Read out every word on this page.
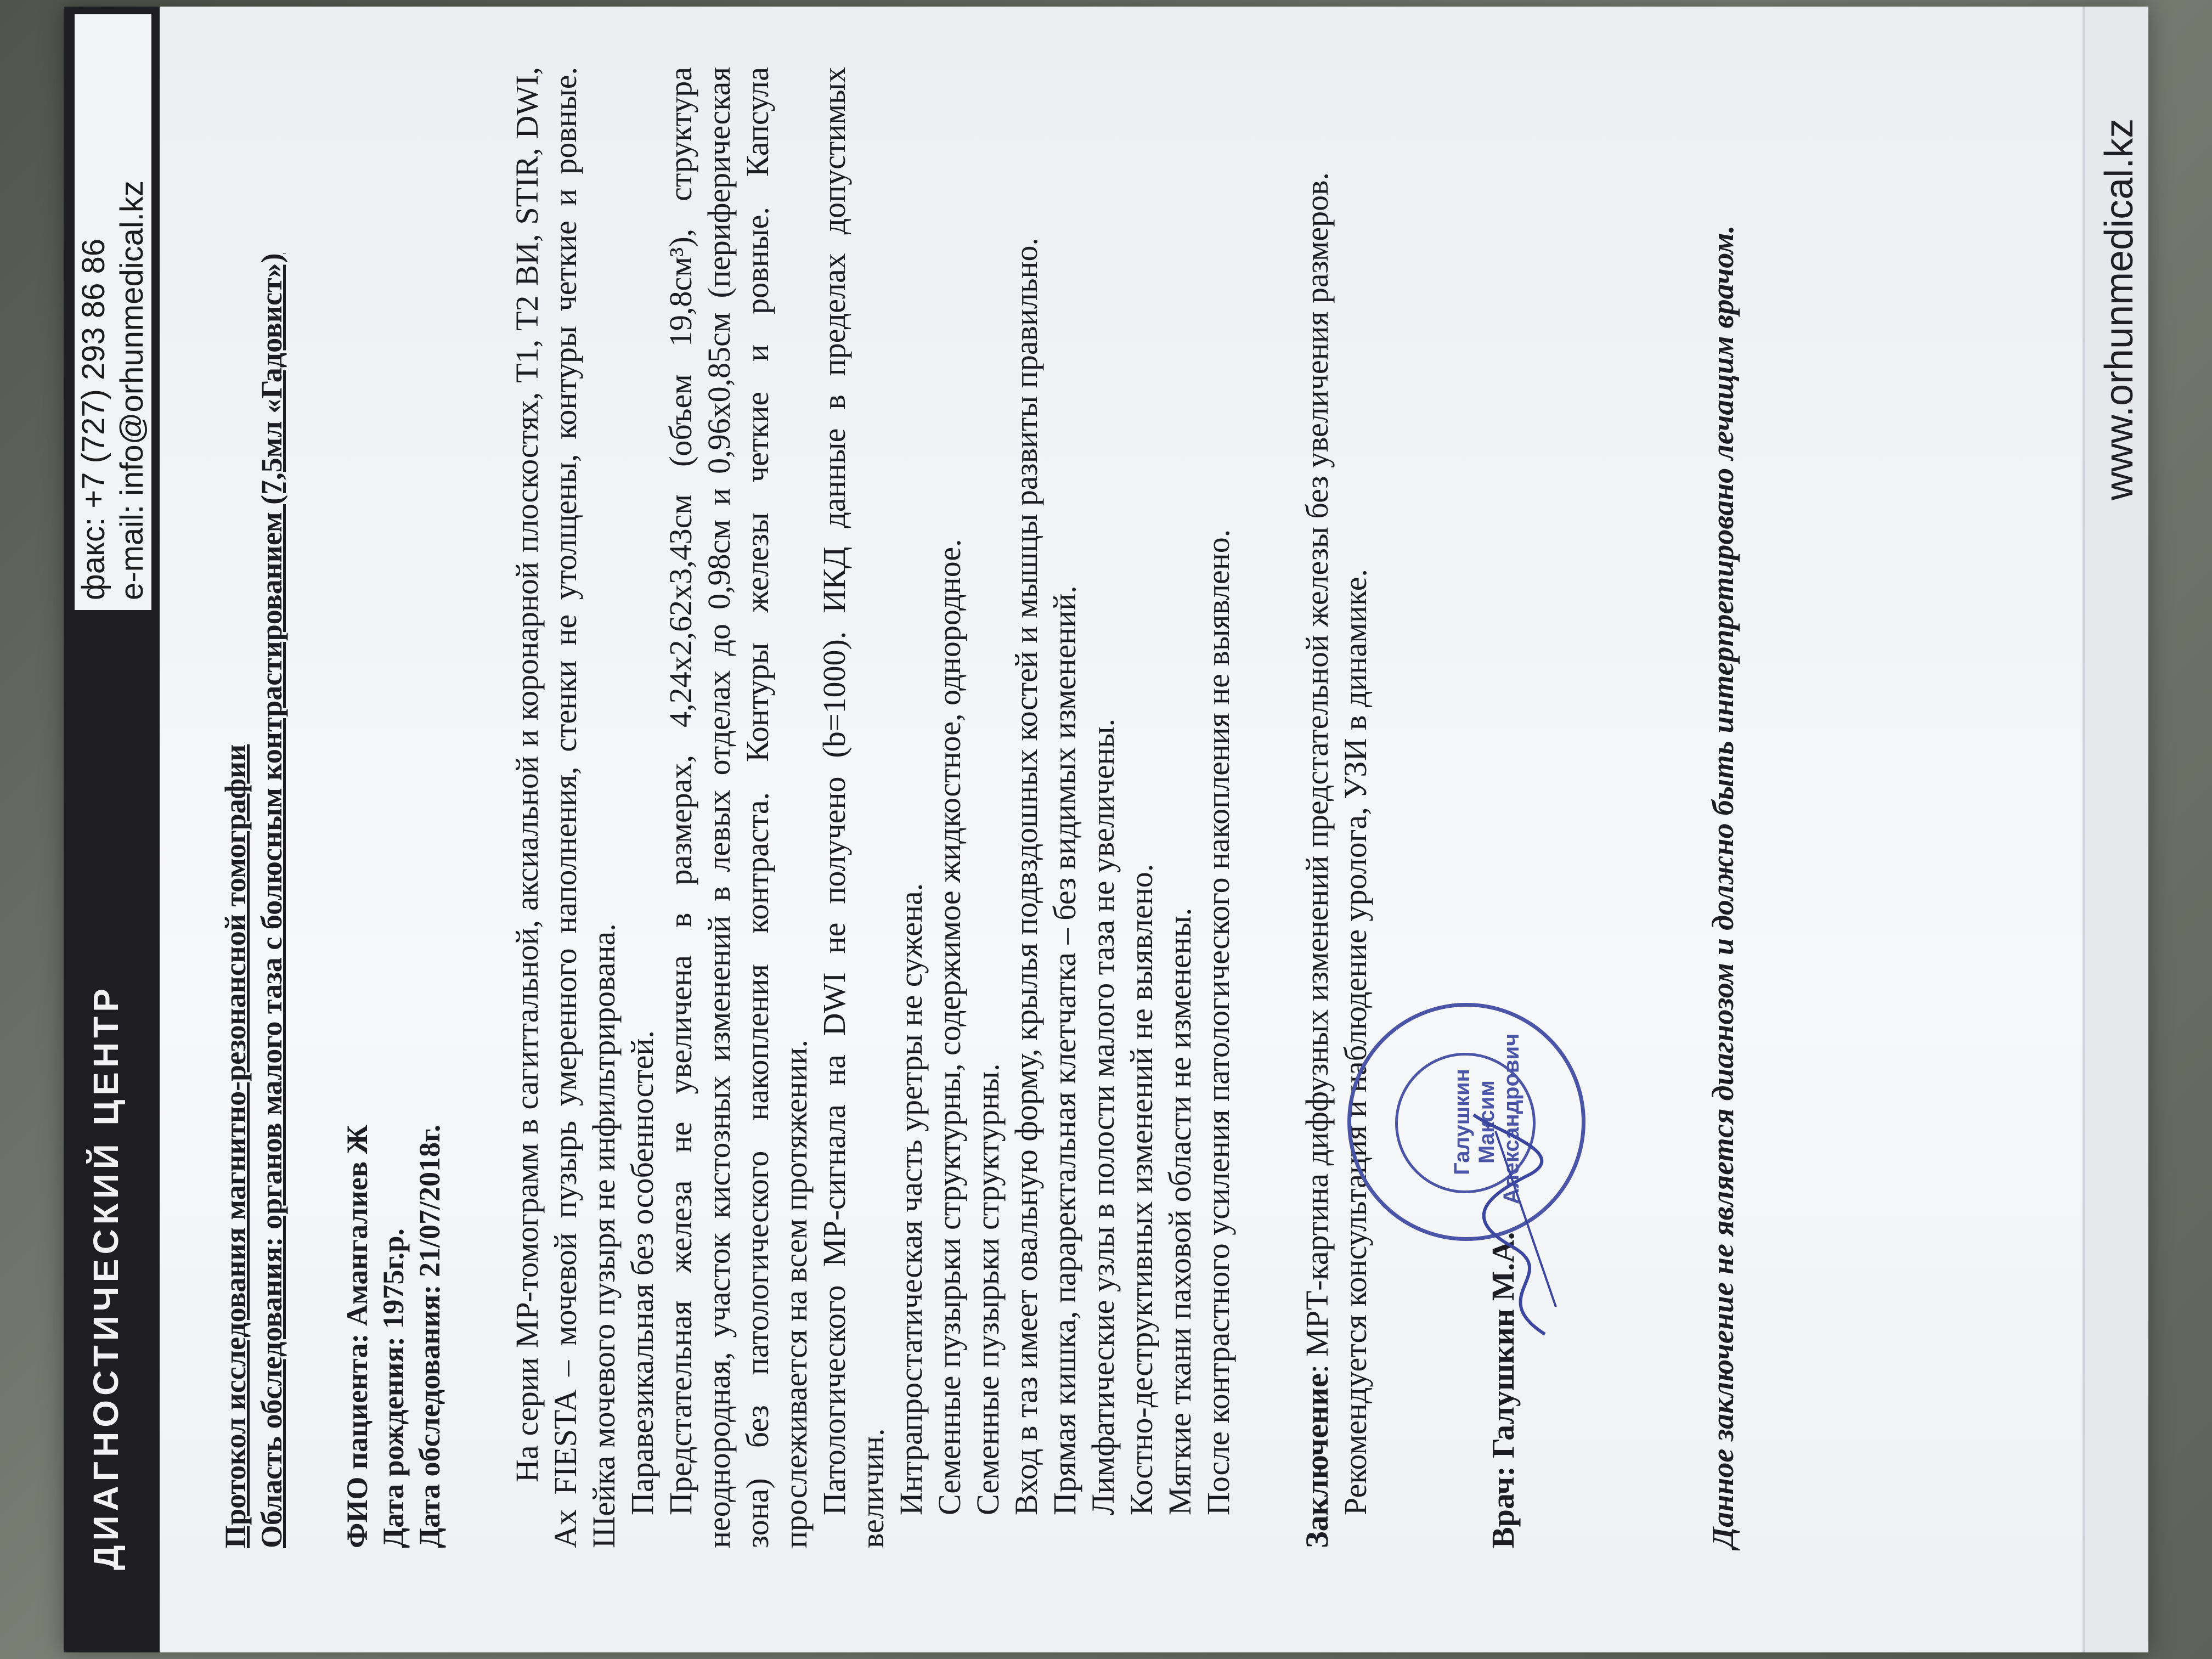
ДИАГНОСТИЧЕСКИЙ ЦЕНТР
факс: +7 (727) 293 86 86 e-mail: info@orhunmedical.kz
Протокол исследования магнитно-резонансной томографии Область обследования: органов малого таза с болюсным контрастированием (7,5мл «Гадовист») ФИО пациента: Амангалиев Ж Дата рождения: 1975г.р. Дата обследования: 21/07/2018г. На серии МР-томограмм в сагиттальной, аксиальной и коронарной плоскостях, T1, T2 ВИ, STIR, DWI, Ax FIESTA – мочевой пузырь умеренного наполнения, стенки не утолщены, контуры четкие и ровные. Шейка мочевого пузыря не инфильтрирована. Паравезикальная без особенностей. Предстательная железа не увеличена в размерах, 4,24х2,62х3,43см (объем 19,8см³), структура неоднородная, участок кистозных изменений в левых отделах до 0,98см и 0,96х0,85см (периферическая зона) без патологического накопления контраста. Контуры железы четкие и ровные. Капсула прослеживается на всем протяжении. Патологического МР-сигнала на DWI не получено (b=1000). ИКД данные в пределах допустимых величин. Интрапростатическая часть уретры не сужена. Семенные пузырьки структурны, содержимое жидкостное, однородное. Семенные пузырьки структурны. Вход в таз имеет овальную форму, крылья подвздошных костей и мышцы развиты правильно. Прямая кишка, параректальная клетчатка – без видимых изменений. Лимфатические узлы в полости малого таза не увеличены. Костно-деструктивных изменений не выявлено. Мягкие ткани паховой области не изменены. После контрастного усиления патологического накопления не выявлено. Заключение: МРТ-картина диффузных изменений предстательной железы без увеличения размеров. Рекомендуется консультация и наблюдение уролога, УЗИ в динамике.	Врач: Галушкин М.А.
Галушкин Максим Александрович	Данное заключение не является диагнозом и должно быть интерпретировано лечащим врачом.	www.orhunmedical.kz
